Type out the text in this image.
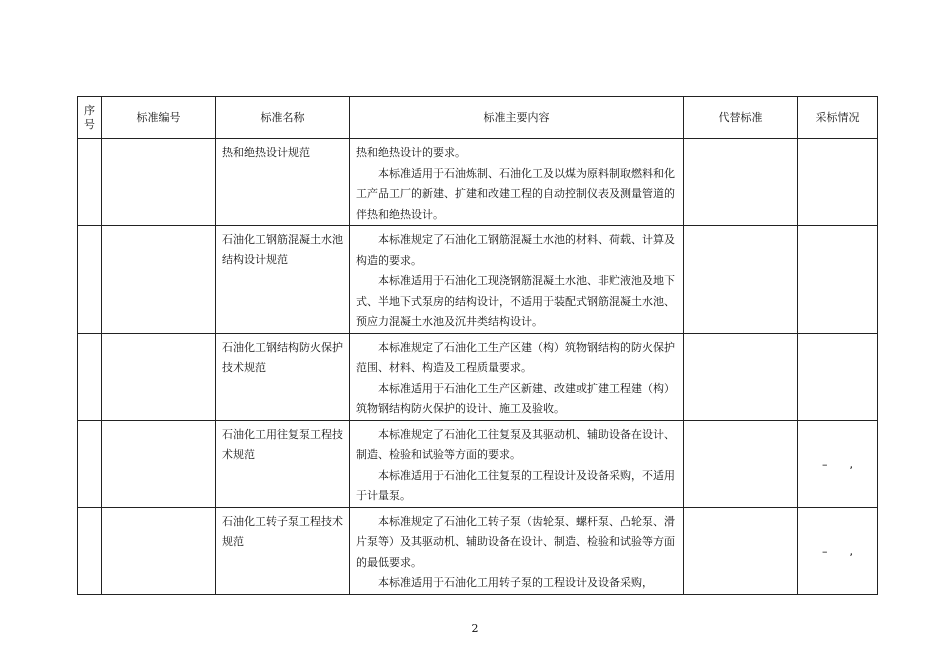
序号	标准编号	标准名称	标准主要内容	代替标准	采标情况
		热和绝热设计规范	热和绝热设计的要求。
本标准适用于石油炼制、石油化工及以煤为原料制取燃料和化工产品工厂的新建、扩建和改建工程的自动控制仪表及测量管道的伴热和绝热设计。		

		石油化工钢筋混凝土水池结构设计规范	本标准规定了石油化工钢筋混凝土水池的材料、荷载、计算及构造的要求。
本标准适用于石油化工现浇钢筋混凝土水池、非贮液池及地下式、半地下式泵房的结构设计，不适用于装配式钢筋混凝土水池、预应力混凝土水池及沉井类结构设计。		

		石油化工钢结构防火保护技术规范	本标准规定了石油化工生产区建（构）筑物钢结构的防火保护范围、材料、构造及工程质量要求。
本标准适用于石油化工生产区新建、改建或扩建工程建（构）筑物钢结构防火保护的设计、施工及验收。		

		石油化工用往复泵工程技术规范	本标准规定了石油化工往复泵及其驱动机、辅助设备在设计、制造、检验和试验等方面的要求。
本标准适用于石油化工往复泵的工程设计及设备采购，不适用于计量泵。		–　　,

		石油化工转子泵工程技术规范	本标准规定了石油化工转子泵（齿轮泵、螺杆泵、凸轮泵、滑片泵等）及其驱动机、辅助设备在设计、制造、检验和试验等方面的最低要求。
本标准适用于石油化工用转子泵的工程设计及设备采购，		–　　,
2
